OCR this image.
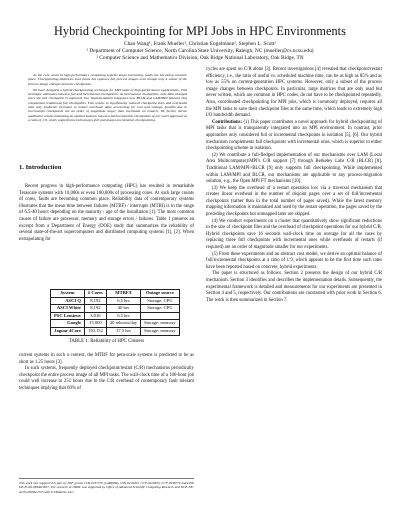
Hybrid Checkpointing for MPI Jobs in HPC Environments
Chao Wang¹, Frank Mueller¹, Christian Engelmann², Stephen L. Scott²
¹ Department of Computer Science, North Carolina State University, Raleigh, NC (mueller@cs.ncsu.edu)
² Computer Science and Mathematics Division, Oak Ridge National Laboratory, Oak Ridge, TN

As the core count in high-performance computing systems keeps increasing, faults are becoming common place. Checkpointing addresses such faults but captures full process images even though only a subset of the process image changes between checkpoints.

We have designed a hybrid checkpointing technique for MPI tasks of high-performance applications. This technique alternates between full and incremental checkpoints: At incremental checkpoints, only data changed since the last checkpoint is captured. Our implementation integrates new BLCR and LAM/MPI features that complement traditional full checkpoints. This results in significantly reduced checkpoint sizes and overheads with only moderate increases in restart overhead. After accounting for cost and savings, benefits due to incremental checkpoints are an order of magnitude larger than overheads on restarts. We further derive qualitative results indicating an optimal balance between full/incremental checkpoints of our novel approach at a ratio of 1:9, which outperforms both always-full and always-incremental checkpointing.

1. Introduction

Recent progress in high-performance computing (HPC) has resulted in remarkable Terascale systems with 10,000s or even 100,000s of processing cores. At such large counts of cores, faults are becoming common place. Reliability data of contemporary systems illustrates that the mean time between failures (MTBF) / interrupts (MTBI) is in the range of 6.5-40 hours depending on the maturity / age of the installation [1]. The most common causes of failure are processor, memory and storage errors / failures. Table 1 presents an excerpt from a Department of Energy (DOE) study that summarizes the reliability of several state-of-the-art supercomputers and distributed computing systems [1], [2]. When extrapolating for

System	# Cores	MTBF/I	Outage source
ASCI Q	8,192	6.5 hrs	Storage, CPU
ASCI White	8,192	40 hrs	Storage, CPU
PSC Lemieux	3,016	6.5 hrs	
Google	15,000	20 reboots/day	Storage, memory
Jaguar 4Core	150,152	37.5 hrs	Storage, memory
TABLE 1. Reliability of HPC Clusters

current systems in such a context, the MTBF for peta-scale systems is predicted to be as short as 1.25 hours [3].

In such systems, frequently deployed checkpoint/restart (C/R) mechanisms periodically checkpoint the entire process image of all MPI tasks. The wall-clock time of a 100-hour job could well increase to 251 hours due to the C/R overhead of contemporary fault tolerant techniques implying that 60% of

This work was supported in part by NSF grants CCR-0237570 (CAREER), CNS-0410203, CCF-0429653, CCF-0958779 and DOE DE-FG02-08ER25837. The research at ORNL was supported by Office of Advanced Scientific Computing Research and DOE DE-AC05-00OR22725 with UT-Battelle, LLC.

cycles are spent on C/R alone [3]. Recent investigations [4] revealed that checkpoint/restart efficiency, i.e., the ratio of useful vs. scheduled machine time, can be as high as 85% and as low as 55% on current-generation HPC systems. However, only a subset of the process image changes between checkpoints. In particular, large matrices that are only read but never written, which are common in HPC codes, do not have to be checkpointed repeatedly. Also, coordinated checkpointing for MPI jobs, which is commonly deployed, requires all the MPI tasks to save their checkpoint files at the same time, which leads to extremely high I/O bandwidth demand.

Contributions: (1) This paper contributes a novel approach for hybrid checkpointing of MPI tasks that is transparently integrated into an MPI environment. In contrast, prior approaches only considered full or incremental checkpoints in isolation [5], [6]. Our hybrid mechanism complements full checkpoints with incremental ones, which is superior to either checkpointing scheme in isolation.

(2) We contribute a full-fledged implementation of our mechanisms over LAM (Local Area Multicomputer)/MPI's C/R support [7] through Berkeley Labs C/R (BLCR) [8]. Traditional LAM/MPI+BLCR [9] only supports full checkpointing. While implemented within LAM/MPI and BLCR, our mechanisms are applicable to any process-migration solution, e.g., the Open MPI FT mechanisms [10].

(3) We keep the overhead of a restart operation low via a traversal mechanism that creates linear overhead in the number of disjoint pages over a set of full/incremental checkpoints (rather than in the total number of pages saved). While the latest memory mapping information is maintained and used by the restart operation, the pages saved by the preceding checkpoints but unmapped later are skipped.

(4) We conduct experiments on a cluster that quantitatively show significant reductions in the size of checkpoint files and the overhead of checkpoint operations for our hybrid C/R. Hybrid checkpoints save 16 seconds wall-clock time on average for all the cases by replacing three full checkpoints with incremental ones while overheads of restarts (if required) are an order of magnitude smaller for our experiments.

(5) From these experiments and an abstract cost model, we derive an optimal balance of full/incremental checkpoints at a ratio of 1:9, which appears to be the first time such rates have been reported based on concrete, hybrid experiments.

The paper is structured as follows. Section 2 presents the design of our hybrid C/R mechanism. Section 3 identifies and describes the implementation details. Subsequently, the experimental framework is detailed and measurements for our experiments are presented in Section 4 and 5, respectively. Our contributions are contrasted with prior work in Section 6. The work is then summarized in Section 7.
